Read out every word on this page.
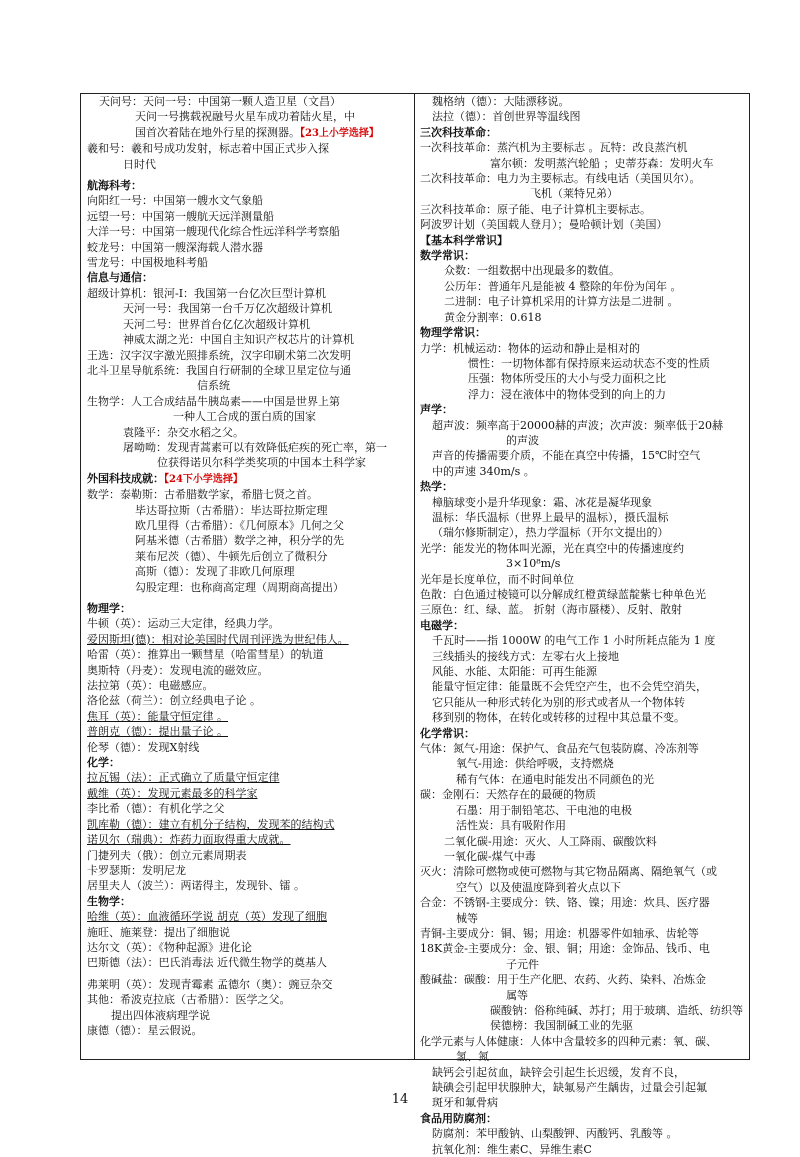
天问号：天问一号：中国第一颗人造卫星（文昌）
天问一号携载祝融号火星车成功着陆火星，中
国首次着陆在地外行星的探测器。【23上小学选择】
羲和号：羲和号成功发射，标志着中国正式步入探
日时代
航海科考：
向阳红一号：中国第一艘水文气象船
远望一号：中国第一艘航天远洋测量船
大洋一号：中国第一艘现代化综合性远洋科学考察船
蛟龙号：中国第一艘深海载人潜水器
雪龙号：中国极地科考船
信息与通信：
超级计算机：银河-I：我国第一台亿次巨型计算机
天河一号：我国第一台千万亿次超级计算机
天河二号：世界首台亿亿次超级计算机
神威太湖之光：中国自主知识产权芯片的计算机
王选：汉字汉字激光照排系统，汉字印刷术第二次发明
北斗卫星导航系统：我国自行研制的全球卫星定位与通
信系统
生物学：人工合成结晶牛胰岛素——中国是世界上第
一种人工合成的蛋白质的国家
袁隆平：杂交水稻之父。
屠呦呦：发现青蒿素可以有效降低疟疾的死亡率，第一
位获得诺贝尔科学类奖项的中国本土科学家
外国科技成就：【24下小学选择】
数学：泰勒斯：古希腊数学家，希腊七贤之首。
毕达哥拉斯（古希腊）：毕达哥拉斯定理
欧几里得（古希腊）：《几何原本》几何之父
阿基米德（古希腊）数学之神，积分学的先
莱布尼茨（德）、牛顿先后创立了微积分
高斯（德）：发现了非欧几何原理
勾股定理：也称商高定理（周期商高提出）
物理学：
牛顿（英）：运动三大定律，经典力学。
爱因斯坦(德)：相对论美国时代周刊评选为世纪伟人。
哈雷（英）：推算出一颗彗星（哈雷彗星）的轨道
奥斯特（丹麦）：发现电流的磁效应。
法拉第（英）：电磁感应。
洛伦兹（荷兰）：创立经典电子论 。
焦耳（英）：能量守恒定律 。
普朗克（德）：提出量子论 。
伦琴（德）：发现X射线
化学：
拉瓦锡（法）：正式确立了质量守恒定律
戴维（英）：发现元素最多的科学家
李比希（德）：有机化学之父
凯库勒（德）：建立有机分子结构，发现苯的结构式
诺贝尔（瑞典）：炸药力面取得重大成就。
门捷列夫（俄）：创立元素周期表
卡罗瑟斯：发明尼龙
居里夫人（波兰）：两诺得主，发现钋、镭 。
生物学：
哈维（英）：血液循环学说 胡克（英）发现了细胞
施旺、施莱登：提出了细胞说
达尔文（英）：《物种起源》进化论
巴斯德（法）：巴氏消毒法 近代微生物学的奠基人
弗莱明（英）：发现青霉素 孟德尔（奥）：豌豆杂交
其他：希波克拉底（古希腊）：医学之父。
提出四体液病理学说
康德（德）：星云假说。
魏格纳（德）：大陆漂移说。
法拉（德）：首创世界等温线图
三次科技革命：
一次科技革命：蒸汽机为主要标志 。瓦特：改良蒸汽机
富尔顿：发明蒸汽轮船 ；史蒂芬森：发明火车
二次科技革命：电力为主要标志。有线电话（美国贝尔）。
飞机（莱特兄弟）
三次科技革命：原子能、电子计算机主要标志。
阿波罗计划（美国载人登月）；曼哈顿计划（美国）
【基本科学常识】
数学常识：
众数：一组数据中出现最多的数值。
公历年：普通年凡是能被 4 整除的年份为闰年 。
二进制：电子计算机采用的计算方法是二进制 。
黄金分割率：0.618
物理学常识：
力学：机械运动：物体的运动和静止是相对的
惯性：一切物体都有保持原来运动状态不变的性质
压强：物体所受压的大小与受力面积之比
浮力：浸在液体中的物体受到的向上的力
声学：
超声波：频率高于20000赫的声波；次声波：频率低于20赫
的声波
声音的传播需要介质，不能在真空中传播，15℃时空气
中的声速 340m/s 。
热学：
樟脑球变小是升华现象：霜、冰花是凝华现象
温标：华氏温标（世界上最早的温标），摄氏温标
（瑞尔修斯制定），热力学温标（开尔文提出的）
光学：能发光的物体叫光源，光在真空中的传播速度约
3×10⁸m/s
光年是长度单位，而不时间单位
色散：白色通过棱镜可以分解成红橙黄绿蓝靛紫七种单色光
三原色：红、绿、蓝。 折射（海市蜃楼）、反射、散射
电磁学：
千瓦时——指 1000W 的电气工作 1 小时所耗点能为 1 度
三线插头的接线方式：左零右火上接地
风能、水能、太阳能：可再生能源
能量守恒定律：能量既不会凭空产生，也不会凭空消失，
它只能从一种形式转化为别的形式或者从一个物体转
移到别的物体，在转化或转移的过程中其总量不变。
化学常识：
气体：氮气-用途：保护气、食品充气包装防腐、冷冻剂等
氧气-用途：供给呼吸，支持燃烧
稀有气体：在通电时能发出不同颜色的光
碳：金刚石：天然存在的最硬的物质
石墨：用于制铅笔芯、干电池的电极
活性炭：具有吸附作用
二氧化碳-用途：灭火、人工降雨、碳酸饮料
一氧化碳-煤气中毒
灭火：清除可燃物或使可燃物与其它物品隔离、隔绝氧气（或
空气）以及使温度降到着火点以下
合金：不锈钢-主要成分：铁、铬、镍；用途：炊具、医疗器
械等
青铜-主要成分：铜、锡；用途：机器零件如轴承、齿轮等
18K黄金-主要成分：金、银、铜；用途：金饰品、钱币、电
子元件
酸碱盐：碳酸：用于生产化肥、农药、火药、染料、冶炼金
属等
碳酸钠：俗称纯碱、苏打；用于玻璃、造纸、纺织等
侯德榜：我国制碱工业的先驱
化学元素与人体健康：人体中含量较多的四种元素：氧、碳、
氢、氮
缺钙会引起贫血，缺锌会引起生长迟缓，发育不良，
缺碘会引起甲状腺肿大，缺氟易产生龋齿，过量会引起氟
斑牙和氟骨病
食品用防腐剂：
防腐剂：苯甲酸钠、山梨酸钾、丙酸钙、乳酸等 。
抗氧化剂：维生素C、异维生素C
14
